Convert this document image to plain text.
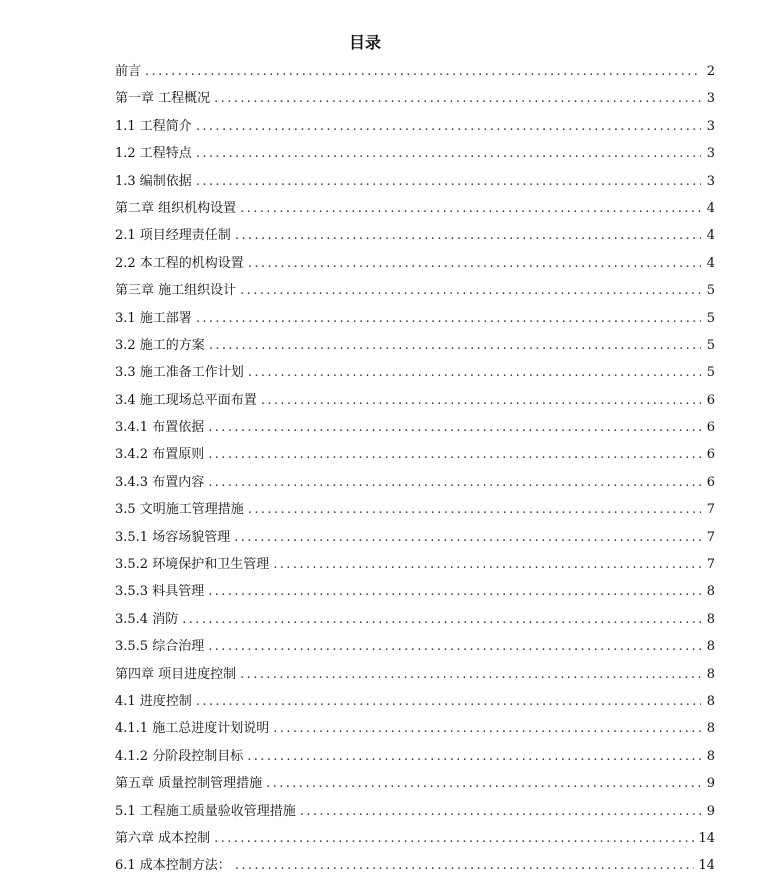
目录
前言 .....	2
第一章 工程概况 .....	3
1.1 工程简介 .....	3
1.2 工程特点 .....	3
1.3 编制依据 .....	3
第二章 组织机构设置 .....	4
2.1 项目经理责任制 .....	4
2.2 本工程的机构设置 .....	4
第三章 施工组织设计 .....	5
3.1 施工部署 .....	5
3.2 施工的方案 .....	5
3.3 施工准备工作计划 .....	5
3.4 施工现场总平面布置 .....	6
3.4.1 布置依据 .....	6
3.4.2 布置原则 .....	6
3.4.3 布置内容 .....	6
3.5 文明施工管理措施 .....	7
3.5.1 场容场貌管理 .....	7
3.5.2 环境保护和卫生管理 .....	7
3.5.3 料具管理 .....	8
3.5.4 消防 .....	8
3.5.5 综合治理 .....	8
第四章 项目进度控制 .....	8
4.1 进度控制 .....	8
4.1.1 施工总进度计划说明 .....	8
4.1.2 分阶段控制目标 .....	8
第五章 质量控制管理措施 .....	9
5.1 工程施工质量验收管理措施 .....	9
第六章 成本控制 .....	14
6.1 成本控制方法： .....	14
